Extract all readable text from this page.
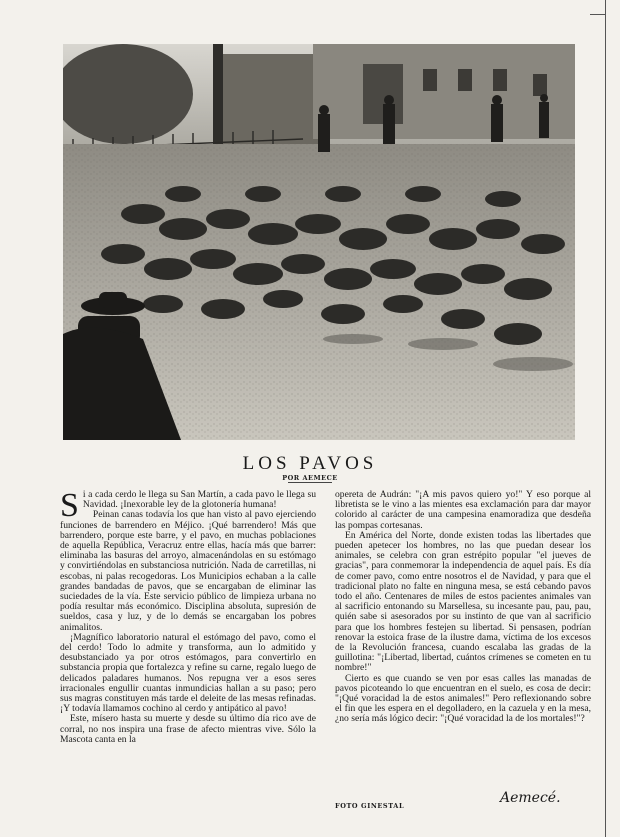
LOS PAVOS
POR AEMECE

Si a cada cerdo le llega su San Martín, a cada pavo le llega su Navidad. ¡Inexorable ley de la glotonería humana!

Peinan canas todavía los que han visto al pavo ejerciendo funciones de barrendero en Méjico. ¡Qué barrendero! Más que barrendero, porque este barre, y el pavo, en muchas poblaciones de aquella República, Veracruz entre ellas, hacía más que barrer: eliminaba las basuras del arroyo, almacenándolas en su estómago y convirtiéndolas en substanciosa nutrición. Nada de carretillas, ni escobas, ni palas recogedoras. Los Municipios echaban a la calle grandes bandadas de pavos, que se encargaban de eliminar las suciedades de la vía. Este servicio público de limpieza urbana no podía resultar más económico. Disciplina absoluta, supresión de sueldos, casa y luz, y de lo demás se encargaban los pobres animalitos.

¡Magnífico laboratorio natural el estómago del pavo, como el del cerdo! Todo lo admite y transforma, aun lo admitido y desubstanciado ya por otros estómagos, para convertirlo en substancia propia que fortalezca y refine su carne, regalo luego de delicados paladares humanos. Nos repugna ver a esos seres irracionales engullir cuantas inmundicias hallan a su paso; pero sus magras constituyen más tarde el deleite de las mesas refinadas. ¡Y todavía llamamos cochino al cerdo y antipático al pavo!

Este, mísero hasta su muerte y desde su último día rico ave de corral, no nos inspira una frase de afecto mientras vive. Sólo la Mascota canta en la

opereta de Audrán: "¡A mis pavos quiero yo!" Y eso porque al libretista se le vino a las mientes esa exclamación para dar mayor colorido al carácter de una campesina enamoradiza que desdeña las pompas cortesanas.

En América del Norte, donde existen todas las libertades que pueden apetecer los hombres, no las que puedan desear los animales, se celebra con gran estrépito popular "el jueves de gracias", para conmemorar la independencia de aquel país. Es día de comer pavo, como entre nosotros el de Navidad, y para que el tradicional plato no falte en ninguna mesa, se está cebando pavos todo el año. Centenares de miles de estos pacientes animales van al sacrificio entonando su Marsellesa, su incesante pau, pau, pau, quién sabe si asesorados por su instinto de que van al sacrificio para que los hombres festejen su libertad. Si pensasen, podrían renovar la estoica frase de la ilustre dama, víctima de los excesos de la Revolución francesa, cuando escalaba las gradas de la guillotina: "¡Libertad, libertad, cuántos crímenes se cometen en tu nombre!"

Cierto es que cuando se ven por esas calles las manadas de pavos picoteando lo que encuentran en el suelo, es cosa de decir: "¡Qué voracidad la de estos animales!" Pero reflexionando sobre el fin que les espera en el degolladero, en la cazuela y en la mesa, ¿no sería más lógico decir: "¡Qué voracidad la de los mortales!"?

FOTO GINESTAL	Aemecé.
